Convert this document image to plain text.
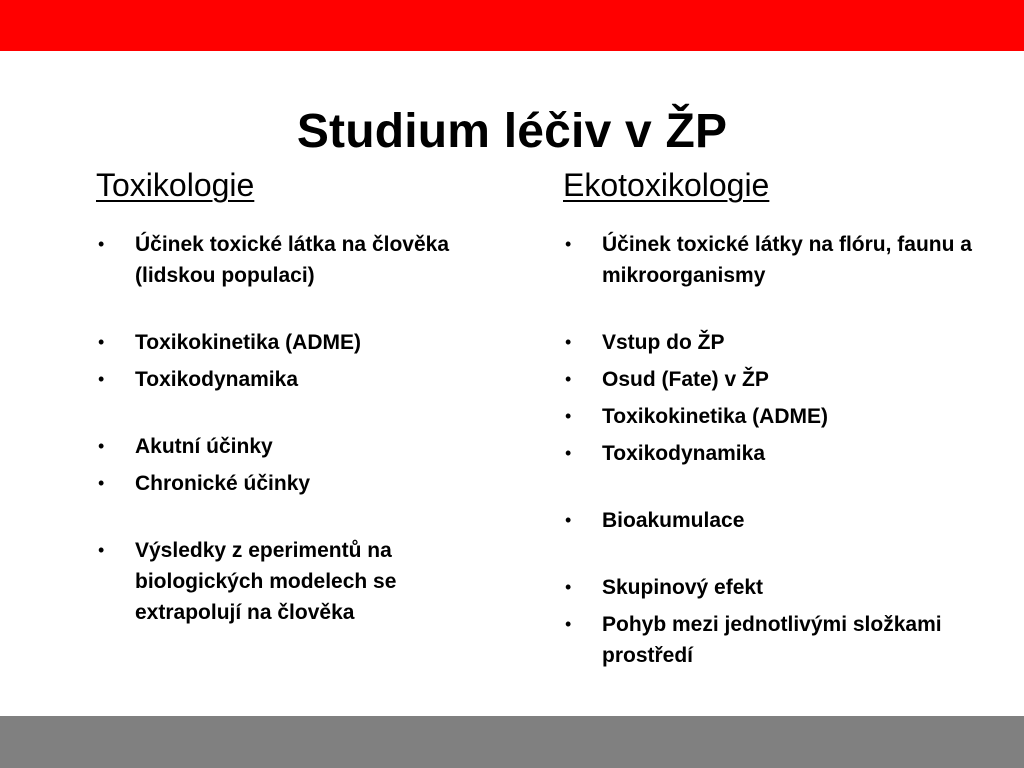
Studium léčiv v ŽP
Toxikologie
• Účinek toxické látka na člověka (lidskou populaci)
• Toxikokinetika (ADME)
• Toxikodynamika
• Akutní účinky
• Chronické účinky
• Výsledky z eperimentů na biologických modelech se extrapolují na člověka
Ekotoxikologie
• Účinek toxické látky na flóru, faunu a mikroorganismy
• Vstup do ŽP
• Osud (Fate) v ŽP
• Toxikokinetika (ADME)
• Toxikodynamika
• Bioakumulace
• Skupinový efekt
• Pohyb mezi jednotlivými složkami prostředí
